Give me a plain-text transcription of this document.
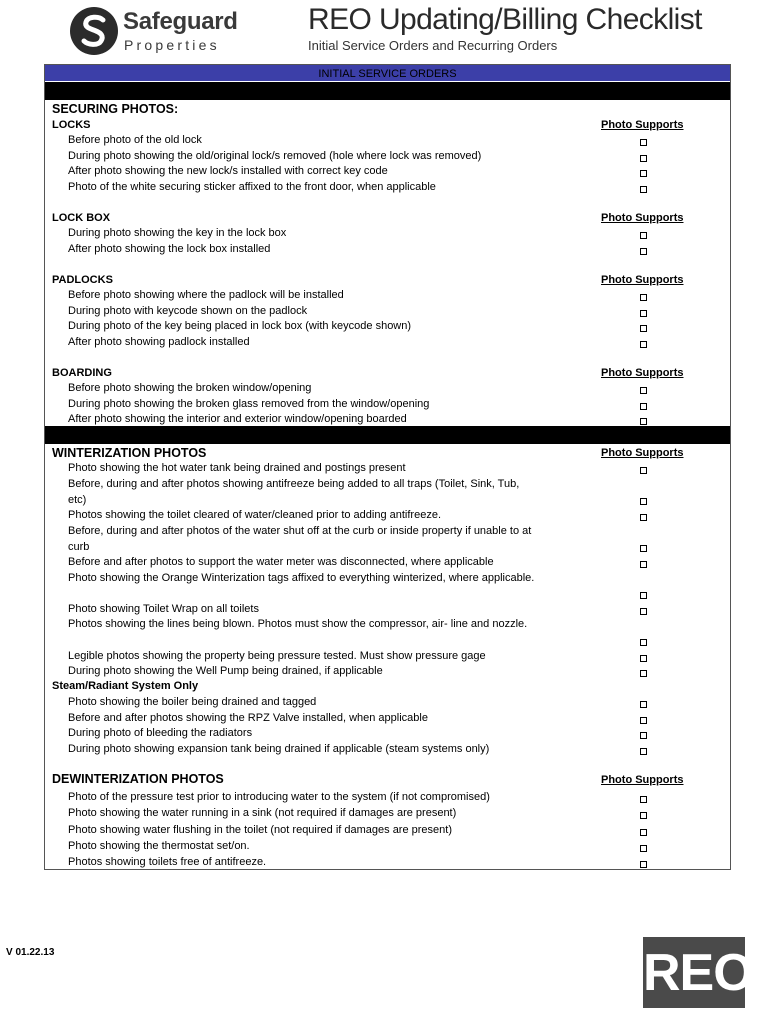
Safeguard
Properties
REO Updating/Billing Checklist
Initial Service Orders and Recurring Orders
INITIAL SERVICE ORDERS
SECURING PHOTOS:
LOCKS	Photo Supports
Before photo of the old lock
During photo showing the old/original lock/s removed (hole where lock was removed)
After photo showing the new lock/s installed with correct key code
Photo of the white securing sticker affixed to the front door, when applicable
LOCK BOX	Photo Supports
During photo showing the key in the lock box
After photo showing the lock box installed
PADLOCKS	Photo Supports
Before photo showing where the padlock will be installed
During photo with keycode shown on the padlock
During photo of the key being placed in lock box (with keycode shown)
After photo showing padlock installed
BOARDING	Photo Supports
Before photo showing the broken window/opening
During photo showing the broken glass removed from the window/opening
After photo showing the interior and exterior window/opening boarded
WINTERIZATION PHOTOS	Photo Supports
Photo showing the hot water tank being drained and postings present
Before, during and after photos showing antifreeze being added to all traps (Toilet, Sink, Tub, etc)
Photos showing the toilet cleared of water/cleaned prior to adding antifreeze.
Before, during and after photos of the water shut off at the curb or inside property if unable to at curb
Before and after photos to support the water meter was disconnected, where applicable
Photo showing the Orange Winterization tags affixed to everything winterized, where applicable.
Photo showing Toilet Wrap on all toilets
Photos showing the lines being blown. Photos must show the compressor, air- line and nozzle.
Legible photos showing the property being pressure tested. Must show pressure gage
During photo showing the Well Pump being drained, if applicable
Steam/Radiant System Only
Photo showing the boiler being drained and tagged
Before and after photos showing the RPZ Valve installed, when applicable
During photo of bleeding the radiators
During photo showing expansion tank being drained if applicable (steam systems only)
DEWINTERIZATION PHOTOS	Photo Supports
Photo of the pressure test prior to introducing water to the system (if not compromised)
Photo showing the water running in a sink (not required if damages are present)
Photo showing water flushing in the toilet (not required if damages are present)
Photo showing the thermostat set/on.
Photos showing toilets free of antifreeze.
V 01.22.13	REO
